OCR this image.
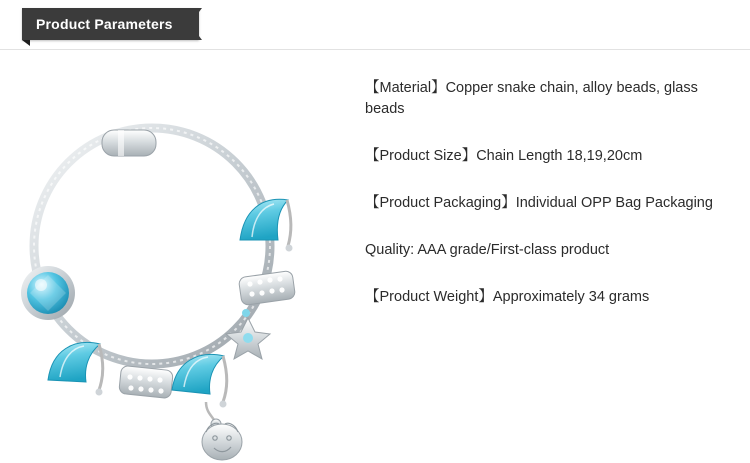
Product Parameters

【Material】Copper snake chain, alloy beads, glass beads

【Product Size】Chain Length 18,19,20cm

【Product Packaging】Individual OPP Bag Packaging

Quality: AAA grade/First-class product

【Product Weight】Approximately 34 grams
